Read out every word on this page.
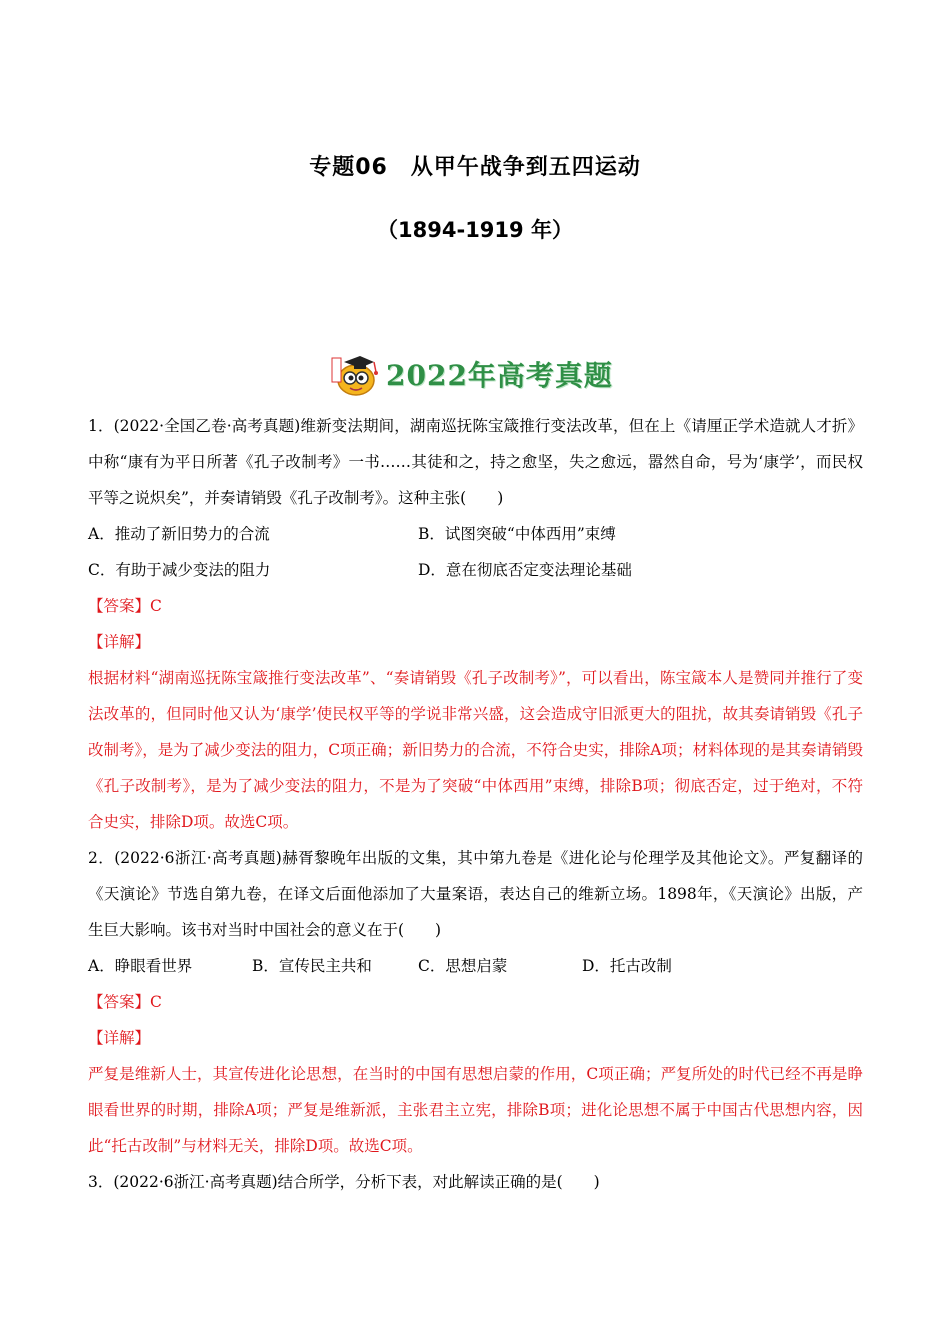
专题06　从甲午战争到五四运动
（1894-1919 年）
2022年高考真题

1．(2022·全国乙卷·高考真题)维新变法期间，湖南巡抚陈宝箴推行变法改革，但在上《请厘正学术造就人才折》中称“康有为平日所著《孔子改制考》一书……其徒和之，持之愈坚，失之愈远，嚣然自命，号为‘康学’，而民权平等之说炽矣”，并奏请销毁《孔子改制考》。这种主张(　　)

A．推动了新旧势力的合流	B．试图突破“中体西用”束缚
C．有助于减少变法的阻力	D．意在彻底否定变法理论基础

【答案】C

【详解】

根据材料“湖南巡抚陈宝箴推行变法改革”、“奏请销毁《孔子改制考》”，可以看出，陈宝箴本人是赞同并推行了变法改革的，但同时他又认为‘康学’使民权平等的学说非常兴盛，这会造成守旧派更大的阻扰，故其奏请销毁《孔子改制考》，是为了减少变法的阻力，C项正确；新旧势力的合流，不符合史实，排除A项；材料体现的是其奏请销毁《孔子改制考》，是为了减少变法的阻力，不是为了突破“中体西用”束缚，排除B项；彻底否定，过于绝对，不符合史实，排除D项。故选C项。

2．(2022·6浙江·高考真题)赫胥黎晚年出版的文集，其中第九卷是《进化论与伦理学及其他论文》。严复翻译的《天演论》节选自第九卷，在译文后面他添加了大量案语，表达自己的维新立场。1898年，《天演论》出版，产生巨大影响。该书对当时中国社会的意义在于(　　)

A．睁眼看世界	B．宣传民主共和	C．思想启蒙	D．托古改制

【答案】C

【详解】

严复是维新人士，其宣传进化论思想，在当时的中国有思想启蒙的作用，C项正确；严复所处的时代已经不再是睁眼看世界的时期，排除A项；严复是维新派，主张君主立宪，排除B项；进化论思想不属于中国古代思想内容，因此“托古改制”与材料无关，排除D项。故选C项。

3．(2022·6浙江·高考真题)结合所学，分析下表，对此解读正确的是(　　)
